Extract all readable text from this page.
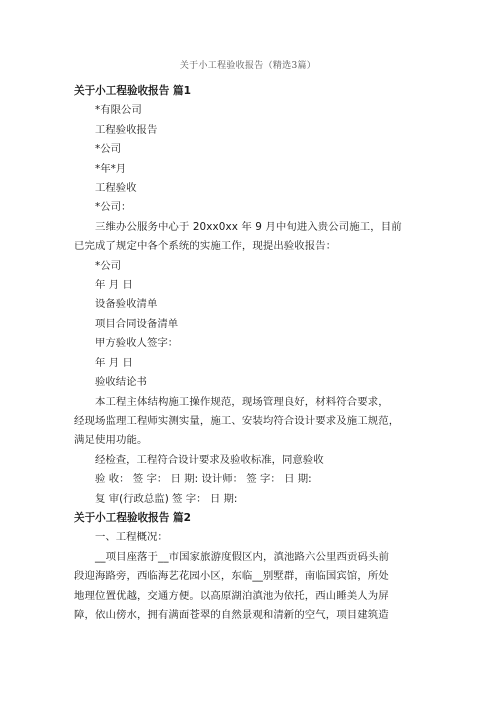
关于小工程验收报告（精选3篇）
关于小工程验收报告 篇1
*有限公司
工程验收报告
*公司
*年*月
工程验收
*公司：
三维办公服务中心于 20xx0xx 年 9 月中旬进入贵公司施工，目前
已完成了规定中各个系统的实施工作，现提出验收报告：
*公司
年 月 日
设备验收清单
项目合同设备清单
甲方验收人签字：
年 月 日
验收结论书
本工程主体结构施工操作规范，现场管理良好，材料符合要求，
经现场监理工程师实测实量，施工、安装均符合设计要求及施工规范，
满足使用功能。
经检查，工程符合设计要求及验收标准，同意验收
验 收： 签 字： 日 期: 设计师： 签 字： 日 期:
复 审(行政总监) 签 字： 日 期:
关于小工程验收报告 篇2
一、工程概况：
__项目座落于__市国家旅游度假区内，滇池路六公里西贡码头前
段迎海路旁，西临海艺花园小区，东临__别墅群，南临国宾馆，所处
地理位置优越，交通方便。以高原湖泊滇池为依托，西山睡美人为屏
障，依山傍水，拥有满面苍翠的自然景观和清新的空气，项目建筑造
